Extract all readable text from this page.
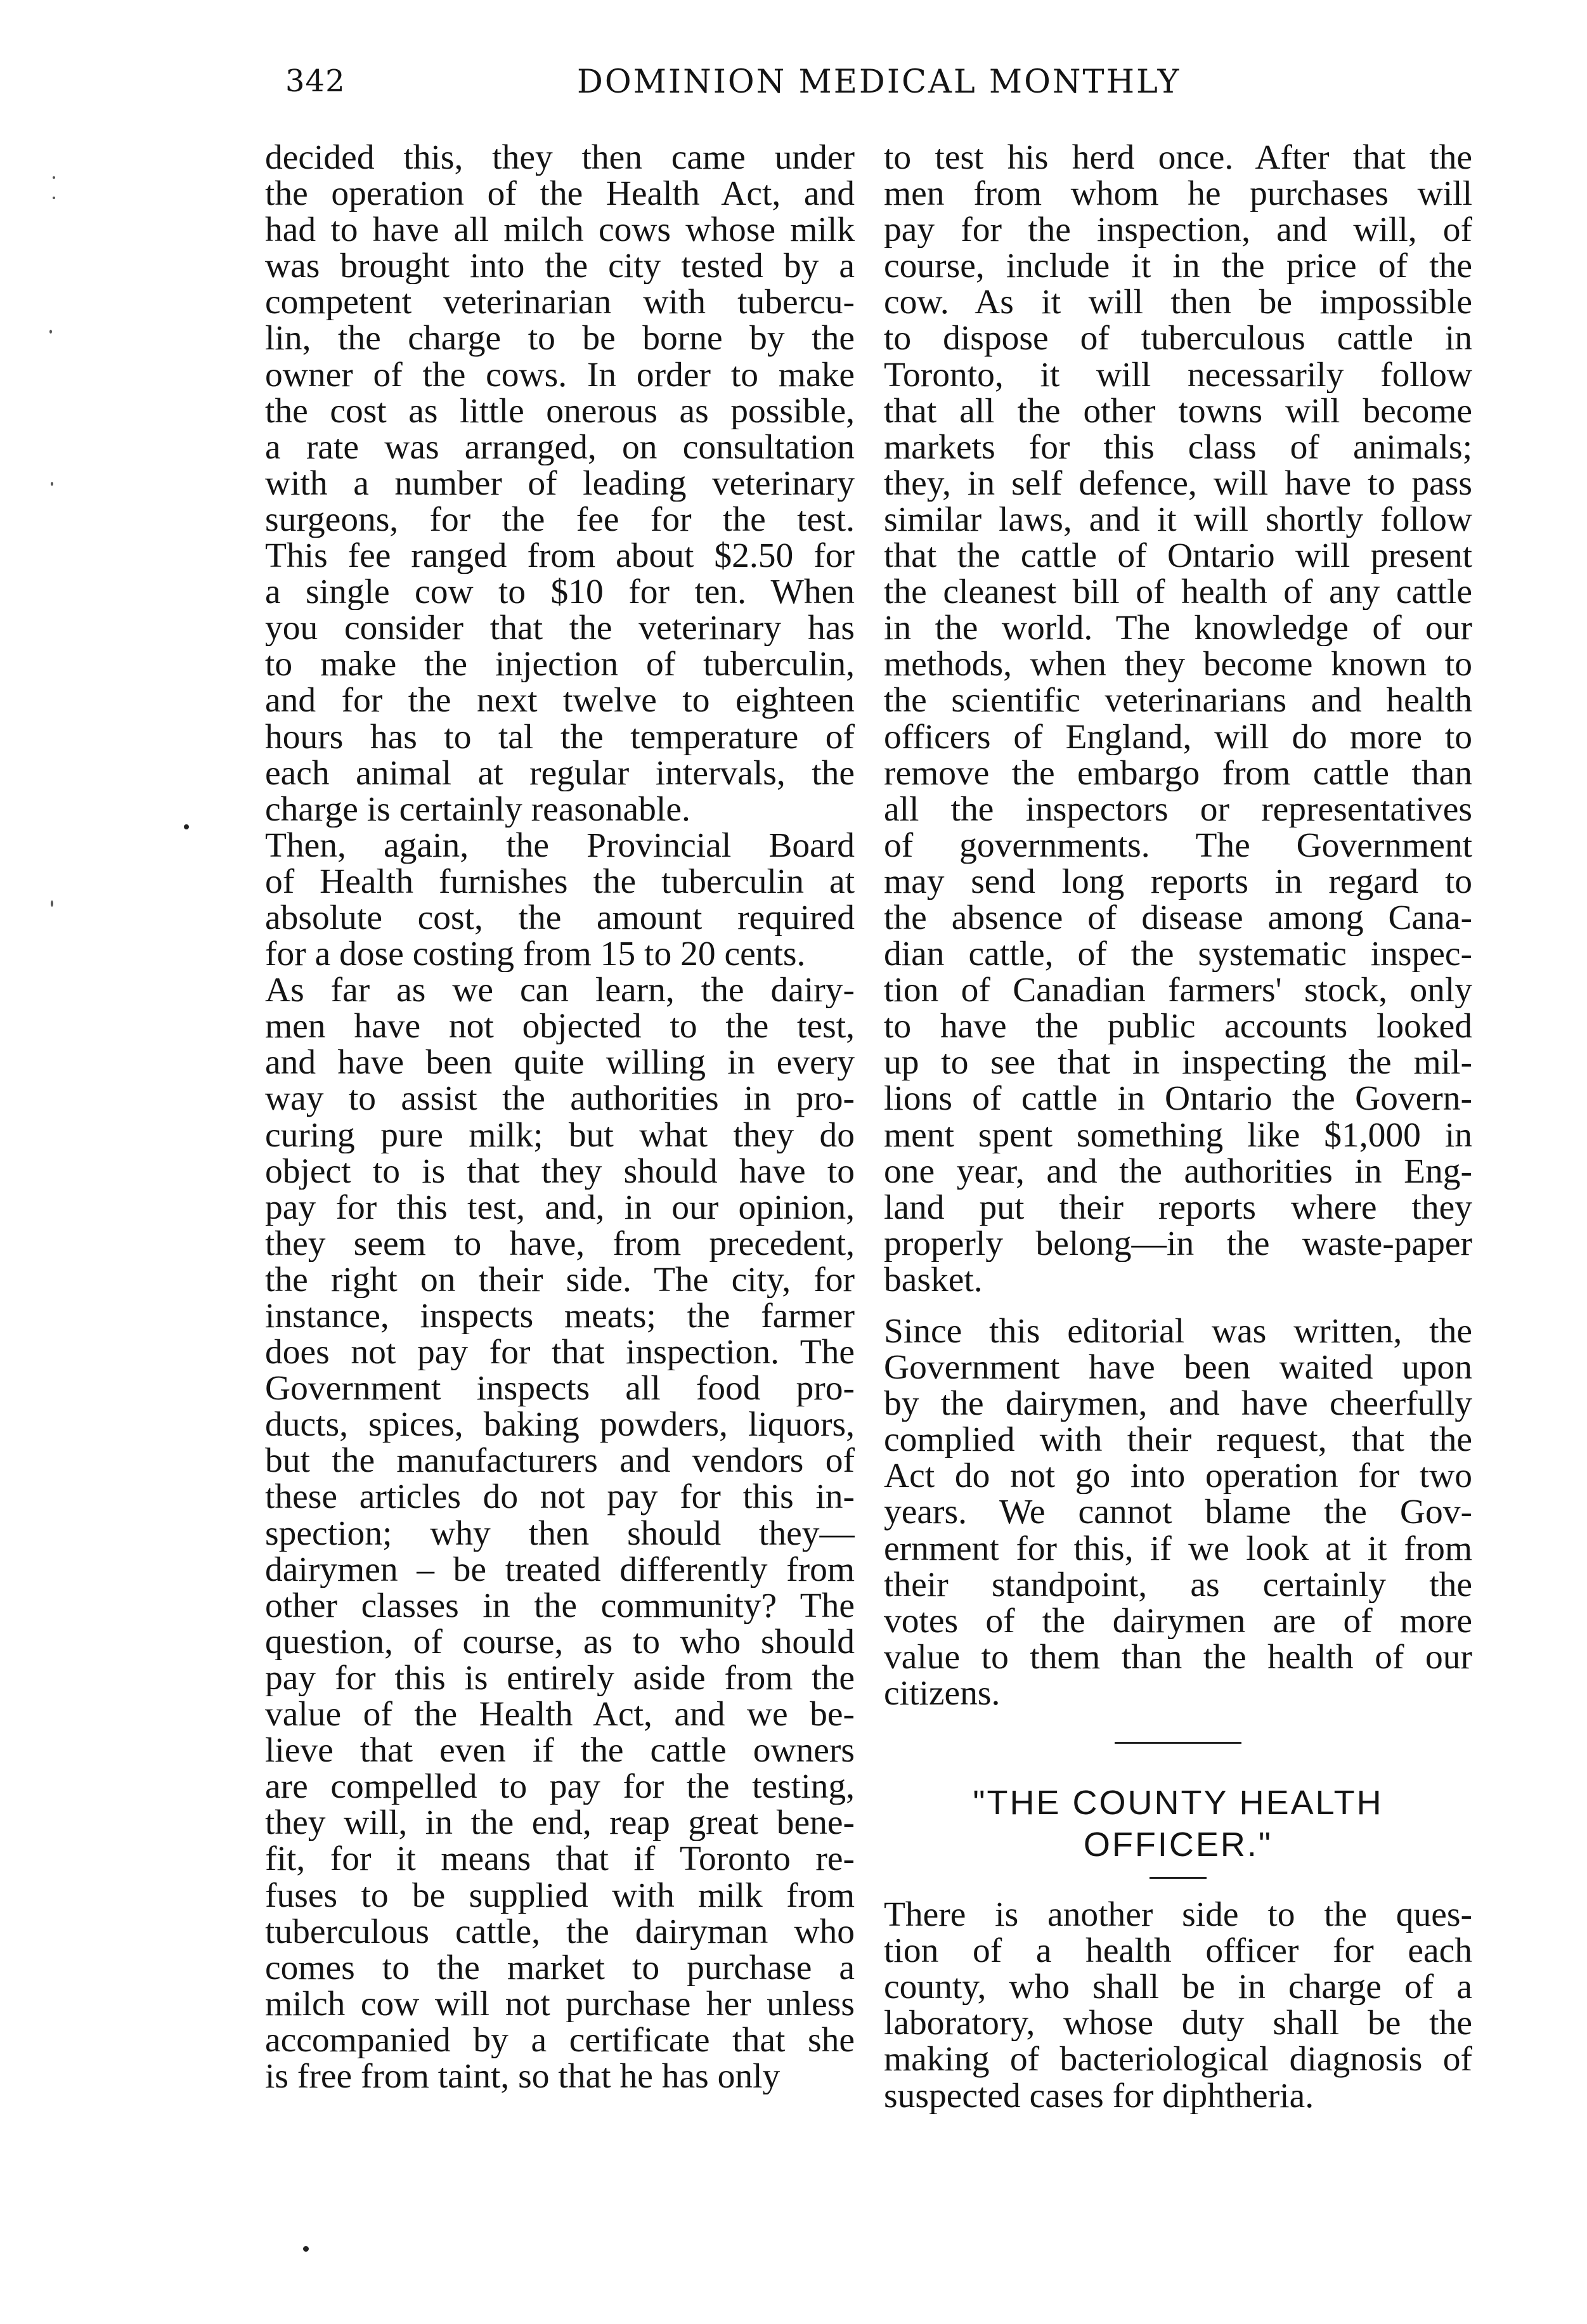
342	DOMINION MEDICAL MONTHLY
decided this, they then came under
the operation of the Health Act, and
had to have all milch cows whose milk
was brought into the city tested by a
competent veterinarian with tubercu-
lin, the charge to be borne by the
owner of the cows. In order to make
the cost as little onerous as possible,
a rate was arranged, on consultation
with a number of leading veterinary
surgeons, for the fee for the test.
This fee ranged from about $2.50 for
a single cow to $10 for ten. When
you consider that the veterinary has
to make the injection of tuberculin,
and for the next twelve to eighteen
hours has to tal the temperature of
each animal at regular intervals, the
charge is certainly reasonable.
Then, again, the Provincial Board
of Health furnishes the tuberculin at
absolute cost, the amount required
for a dose costing from 15 to 20 cents.
As far as we can learn, the dairy-
men have not objected to the test,
and have been quite willing in every
way to assist the authorities in pro-
curing pure milk; but what they do
object to is that they should have to
pay for this test, and, in our opinion,
they seem to have, from precedent,
the right on their side. The city, for
instance, inspects meats; the farmer
does not pay for that inspection. The
Government inspects all food pro-
ducts, spices, baking powders, liquors,
but the manufacturers and vendors of
these articles do not pay for this in-
spection; why then should they—
dairymen – be treated differently from
other classes in the community? The
question, of course, as to who should
pay for this is entirely aside from the
value of the Health Act, and we be-
lieve that even if the cattle owners
are compelled to pay for the testing,
they will, in the end, reap great bene-
fit, for it means that if Toronto re-
fuses to be supplied with milk from
tuberculous cattle, the dairyman who
comes to the market to purchase a
milch cow will not purchase her unless
accompanied by a certificate that she
is free from taint, so that he has only
to test his herd once. After that the
men from whom he purchases will
pay for the inspection, and will, of
course, include it in the price of the
cow. As it will then be impossible
to dispose of tuberculous cattle in
Toronto, it will necessarily follow
that all the other towns will become
markets for this class of animals;
they, in self defence, will have to pass
similar laws, and it will shortly follow
that the cattle of Ontario will present
the cleanest bill of health of any cattle
in the world. The knowledge of our
methods, when they become known to
the scientific veterinarians and health
officers of England, will do more to
remove the embargo from cattle than
all the inspectors or representatives
of governments. The Government
may send long reports in regard to
the absence of disease among Cana-
dian cattle, of the systematic inspec-
tion of Canadian farmers' stock, only
to have the public accounts looked
up to see that in inspecting the mil-
lions of cattle in Ontario the Govern-
ment spent something like $1,000 in
one year, and the authorities in Eng-
land put their reports where they
properly belong—in the waste-paper
basket.
Since this editorial was written, the
Government have been waited upon
by the dairymen, and have cheerfully
complied with their request, that the
Act do not go into operation for two
years. We cannot blame the Gov-
ernment for this, if we look at it from
their standpoint, as certainly the
votes of the dairymen are of more
value to them than the health of our
citizens.
"THE COUNTY HEALTH
OFFICER."
There is another side to the ques-
tion of a health officer for each
county, who shall be in charge of a
laboratory, whose duty shall be the
making of bacteriological diagnosis of
suspected cases for diphtheria.
